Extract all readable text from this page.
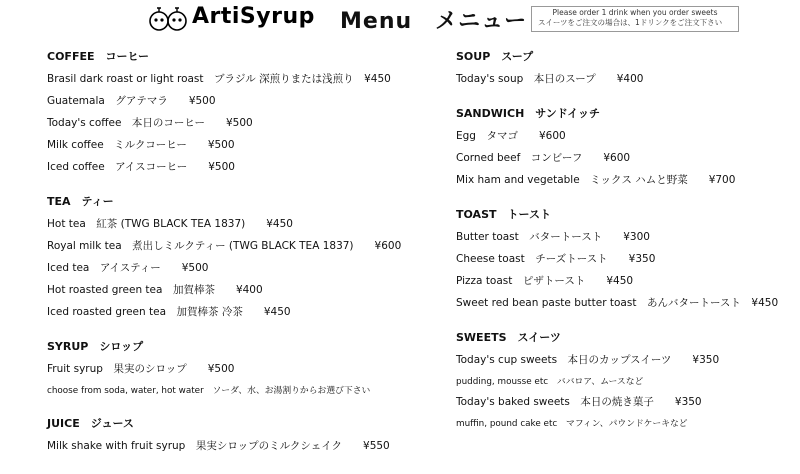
ArtiSyrup Menu　メニュー	Please order 1 drink when you order sweets
スイーツをご注文の場合は、1ドリンクをご注文下さい
COFFEE　コーヒー
Brasil dark roast or light roast　ブラジル 深煎りまたは浅煎り　¥450
Guatemala　グアテマラ　　¥500
Today's coffee　本日のコーヒー　　¥500
Milk coffee　ミルクコーヒー　　¥500
Iced coffee　アイスコーヒー　　¥500
TEA　ティー
Hot tea　紅茶 (TWG BLACK TEA 1837)　　¥450
Royal milk tea　煮出しミルクティー (TWG BLACK TEA 1837)　　¥600
Iced tea　アイスティー　　¥500
Hot roasted green tea　加賀棒茶　　¥400
Iced roasted green tea　加賀棒茶 冷茶　　¥450
SYRUP　シロップ
Fruit syrup　果実のシロップ　　¥500
choose from soda, water, hot water　ソーダ、水、お湯割りからお選び下さい
JUICE　ジュース
Milk shake with fruit syrup　果実シロップのミルクシェイク　　¥550
SOUP　スープ
Today's soup　本日のスープ　　¥400
SANDWICH　サンドイッチ
Egg　タマゴ　　¥600
Corned beef　コンビーフ　　¥600
Mix ham and vegetable　ミックス ハムと野菜　　¥700
TOAST　トースト
Butter toast　バタートースト　　¥300
Cheese toast　チーズトースト　　¥350
Pizza toast　ピザトースト　　¥450
Sweet red bean paste butter toast　あんバタートースト　¥450
SWEETS　スイーツ
Today's cup sweets　本日のカップスイーツ　　¥350
pudding, mousse etc　ババロア、ムースなど
Today's baked sweets　本日の焼き菓子　　¥350
muffin, pound cake etc　マフィン、パウンドケーキなど
